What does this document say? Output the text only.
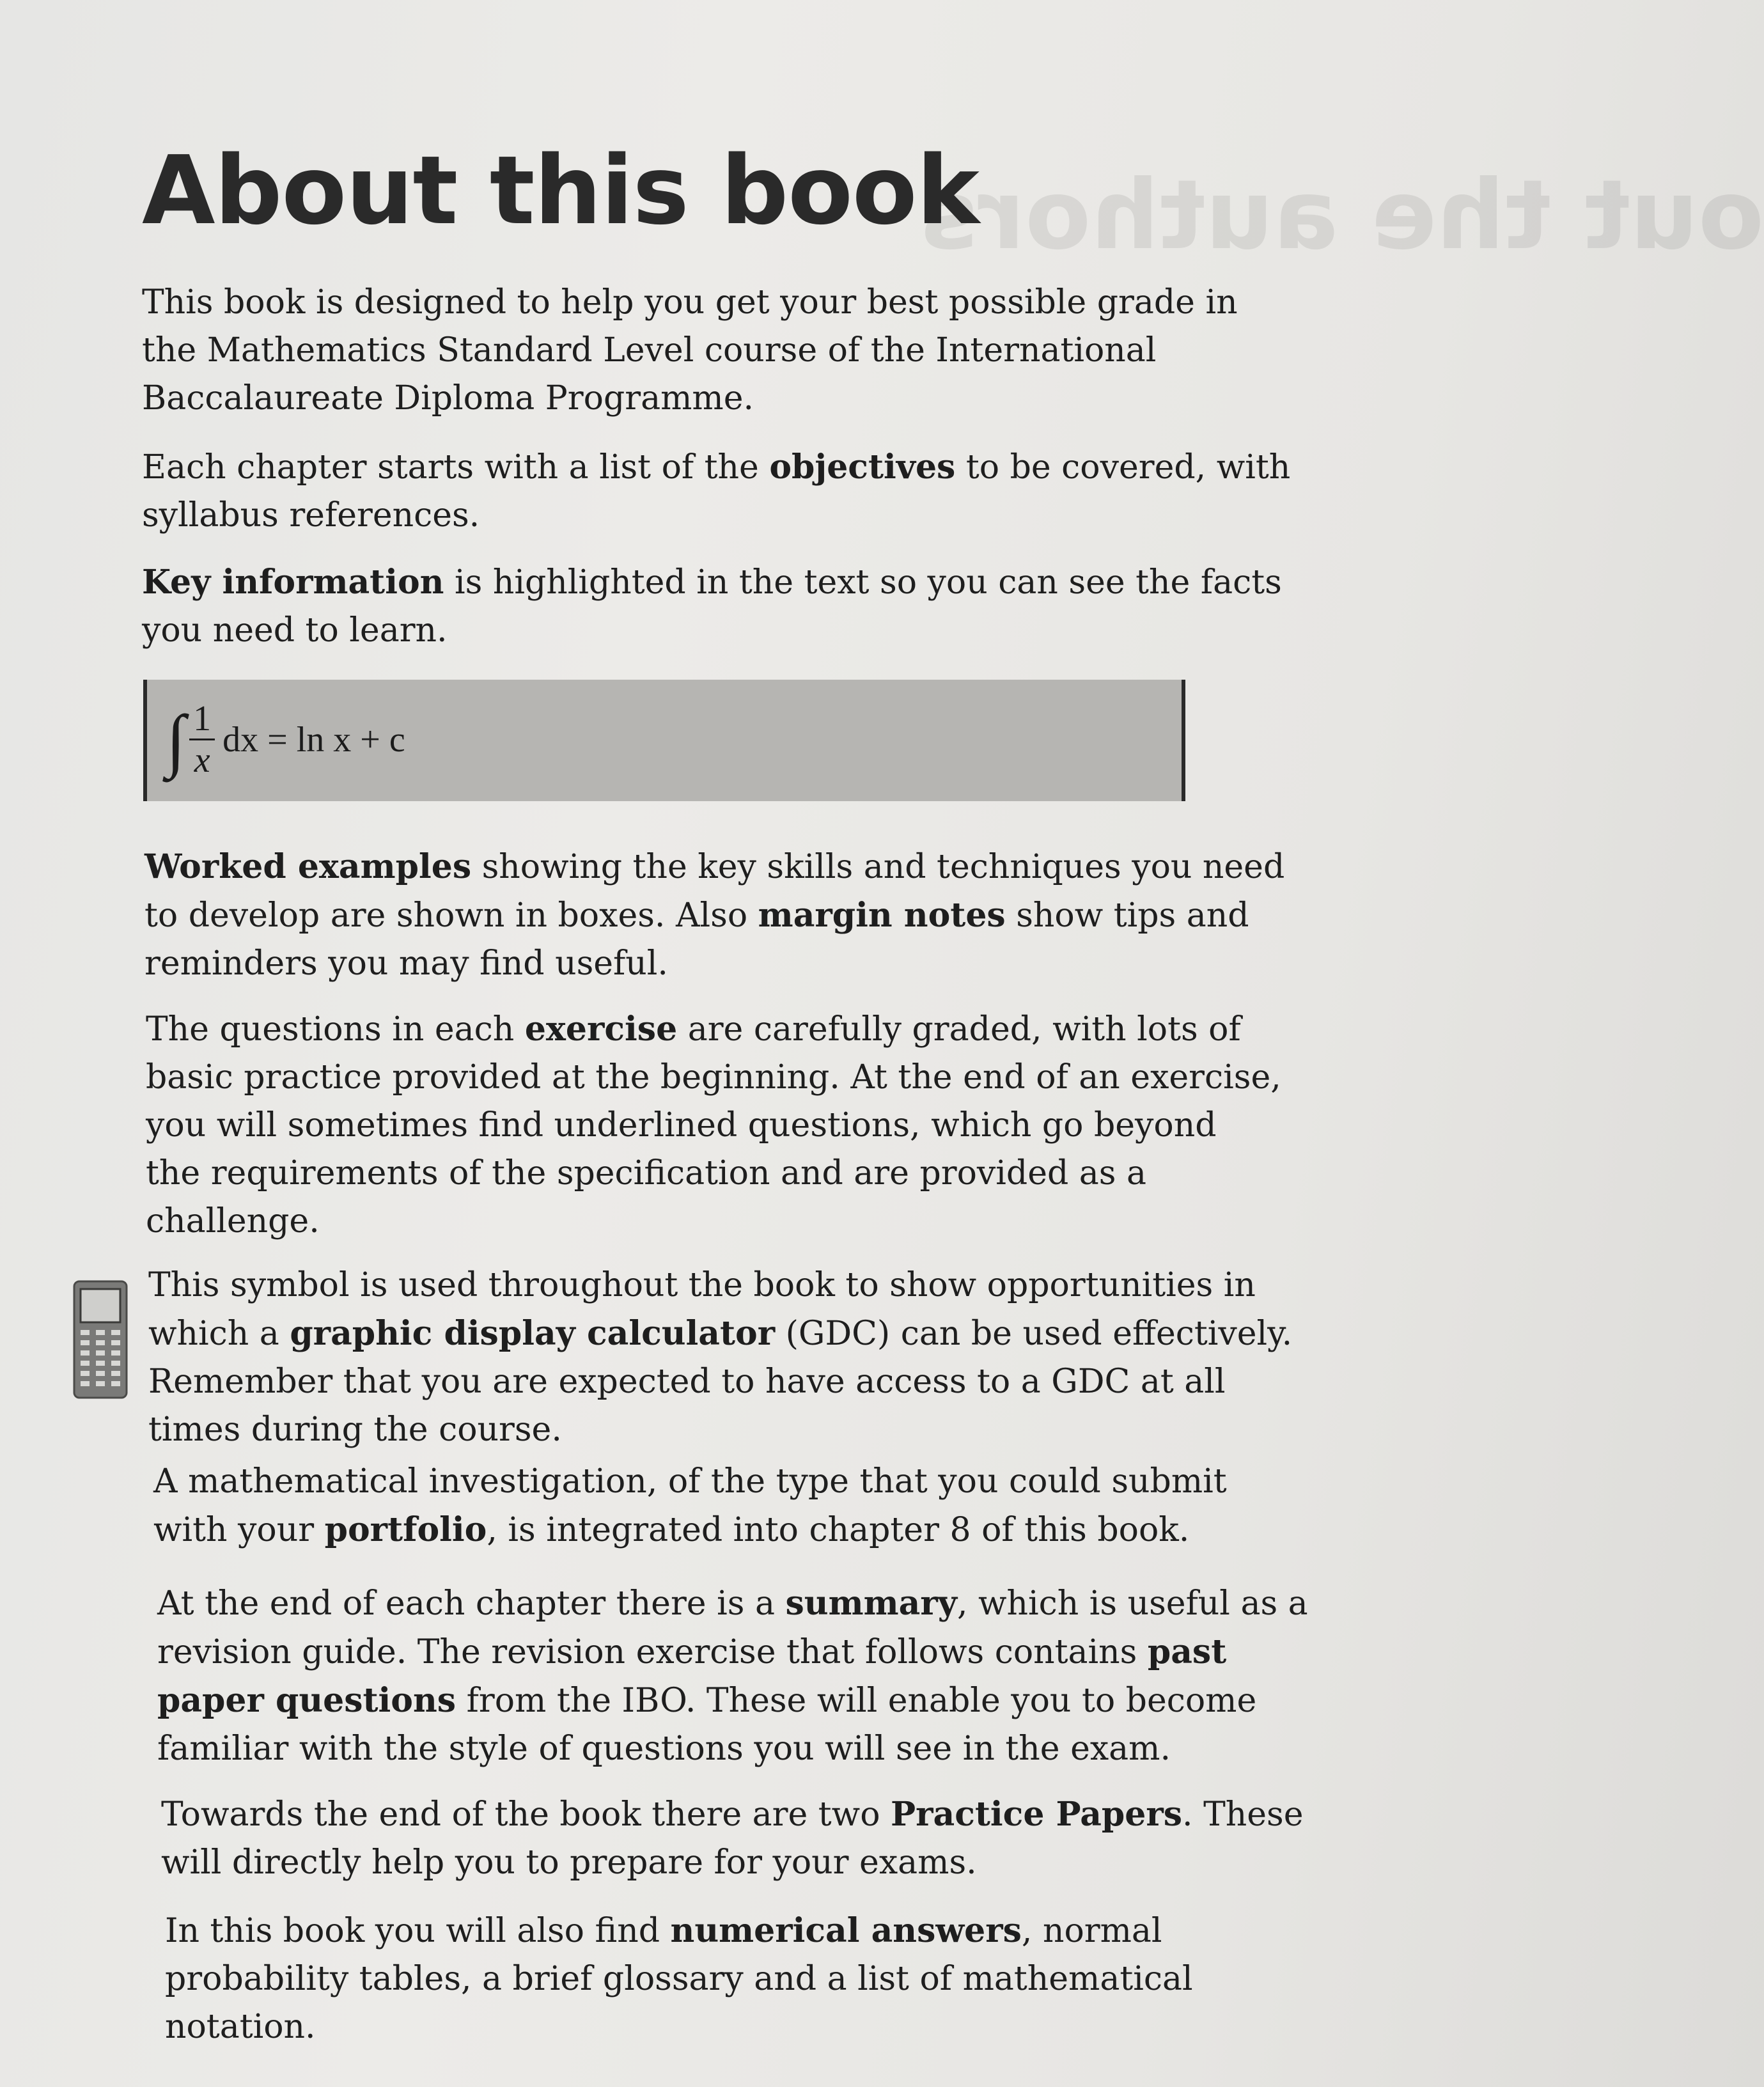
out the authors
About this book

This book is designed to help you get your best possible grade in
the Mathematics Standard Level course of the International
Baccalaureate Diploma Programme.

Each chapter starts with a list of the objectives to be covered, with
syllabus references.

Key information is highlighted in the text so you can see the facts
you need to learn.

∫ $\frac{1}{x}$ dx = ln x + c

Worked examples showing the key skills and techniques you need
to develop are shown in boxes. Also margin notes show tips and
reminders you may find useful.

The questions in each exercise are carefully graded, with lots of
basic practice provided at the beginning. At the end of an exercise,
you will sometimes find underlined questions, which go beyond
the requirements of the specification and are provided as a
challenge.

This symbol is used throughout the book to show opportunities in
which a graphic display calculator (GDC) can be used effectively.
Remember that you are expected to have access to a GDC at all
times during the course.

A mathematical investigation, of the type that you could submit
with your portfolio, is integrated into chapter 8 of this book.

At the end of each chapter there is a summary, which is useful as a
revision guide. The revision exercise that follows contains past
paper questions from the IBO. These will enable you to become
familiar with the style of questions you will see in the exam.

Towards the end of the book there are two Practice Papers. These
will directly help you to prepare for your exams.

In this book you will also find numerical answers, normal
probability tables, a brief glossary and a list of mathematical
notation.
